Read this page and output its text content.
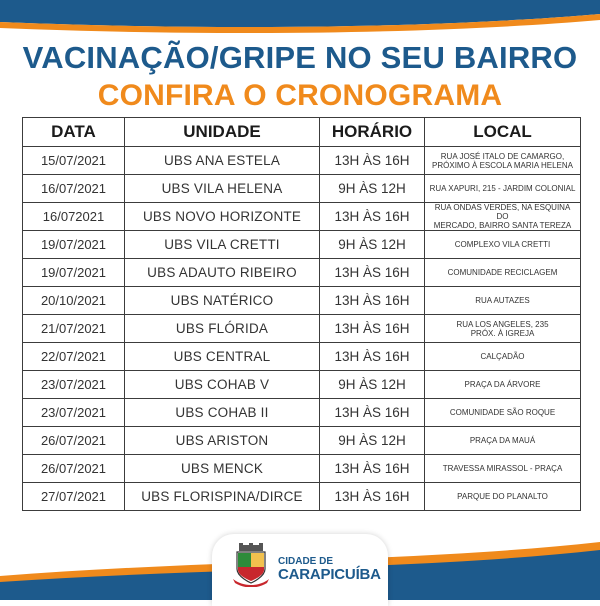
VACINAÇÃO/GRIPE NO SEU BAIRRO
CONFIRA O CRONOGRAMA
DATA	UNIDADE	HORÁRIO	LOCAL
15/07/2021	UBS ANA ESTELA	13H ÀS 16H	RUA JOSÉ ITALO DE CAMARGO,
PRÓXIMO À ESCOLA MARIA HELENA

16/07/2021	UBS VILA HELENA	9H ÀS 12H	RUA XAPURI, 215 - JARDIM COLONIAL

16/072021	UBS NOVO HORIZONTE	13H ÀS 16H	RUA ONDAS VERDES, NA ESQUINA DO
MERCADO, BAIRRO SANTA TEREZA

19/07/2021	UBS VILA CRETTI	9H ÀS 12H	COMPLEXO VILA CRETTI

19/07/2021	UBS ADAUTO RIBEIRO	13H ÀS 16H	COMUNIDADE RECICLAGEM

20/10/2021	UBS NATÉRICO	13H ÀS 16H	RUA AUTAZES

21/07/2021	UBS FLÓRIDA	13H ÀS 16H	RUA LOS ANGELES, 235
PRÓX. À IGREJA

22/07/2021	UBS CENTRAL	13H ÀS 16H	CALÇADÃO

23/07/2021	UBS COHAB V	9H ÀS 12H	PRAÇA DA ÁRVORE

23/07/2021	UBS COHAB II	13H ÀS 16H	COMUNIDADE SÃO ROQUE

26/07/2021	UBS ARISTON	9H ÀS 12H	PRAÇA DA MAUÁ

26/07/2021	UBS MENCK	13H ÀS 16H	TRAVESSA MIRASSOL - PRAÇA

27/07/2021	UBS FLORISPINA/DIRCE	13H ÀS 16H	PARQUE DO PLANALTO
CIDADE DE
CARAPICUÍBA
